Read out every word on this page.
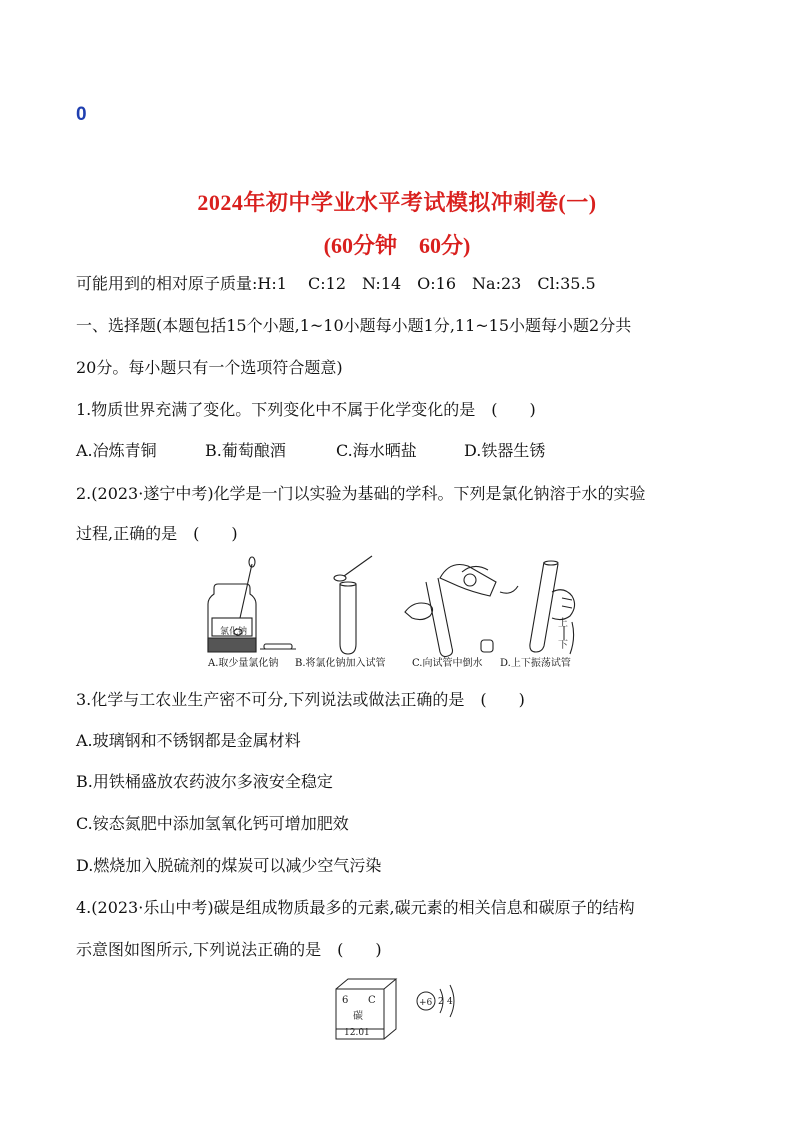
0
2024年初中学业水平考试模拟冲刺卷(一)
(60分钟　60分)
可能用到的相对原子质量:H:1　 C:12　N:14　O:16　Na:23　Cl:35.5
一、选择题(本题包括15个小题,1~10小题每小题1分,11~15小题每小题2分共
20分。每小题只有一个选项符合题意)
1.物质世界充满了变化。下列变化中不属于化学变化的是　(　　)
A.冶炼青铜	B.葡萄酿酒	C.海水晒盐	D.铁器生锈
2.(2023·遂宁中考)化学是一门以实验为基础的学科。下列是氯化钠溶于水的实验
过程,正确的是　(　　)
氯化钠
上
下
A.取少量氯化钠 B.将氯化钠加入试管	C.向试管中倒水 D.上下振荡试管
3.化学与工农业生产密不可分,下列说法或做法正确的是　(　　)
A.玻璃钢和不锈钢都是金属材料
B.用铁桶盛放农药波尔多液安全稳定
C.铵态氮肥中添加氢氧化钙可增加肥效
D.燃烧加入脱硫剂的煤炭可以减少空气污染
4.(2023·乐山中考)碳是组成物质最多的元素,碳元素的相关信息和碳原子的结构
示意图如图所示,下列说法正确的是　(　　)
6 C
碳
12.01
+6 2 4
